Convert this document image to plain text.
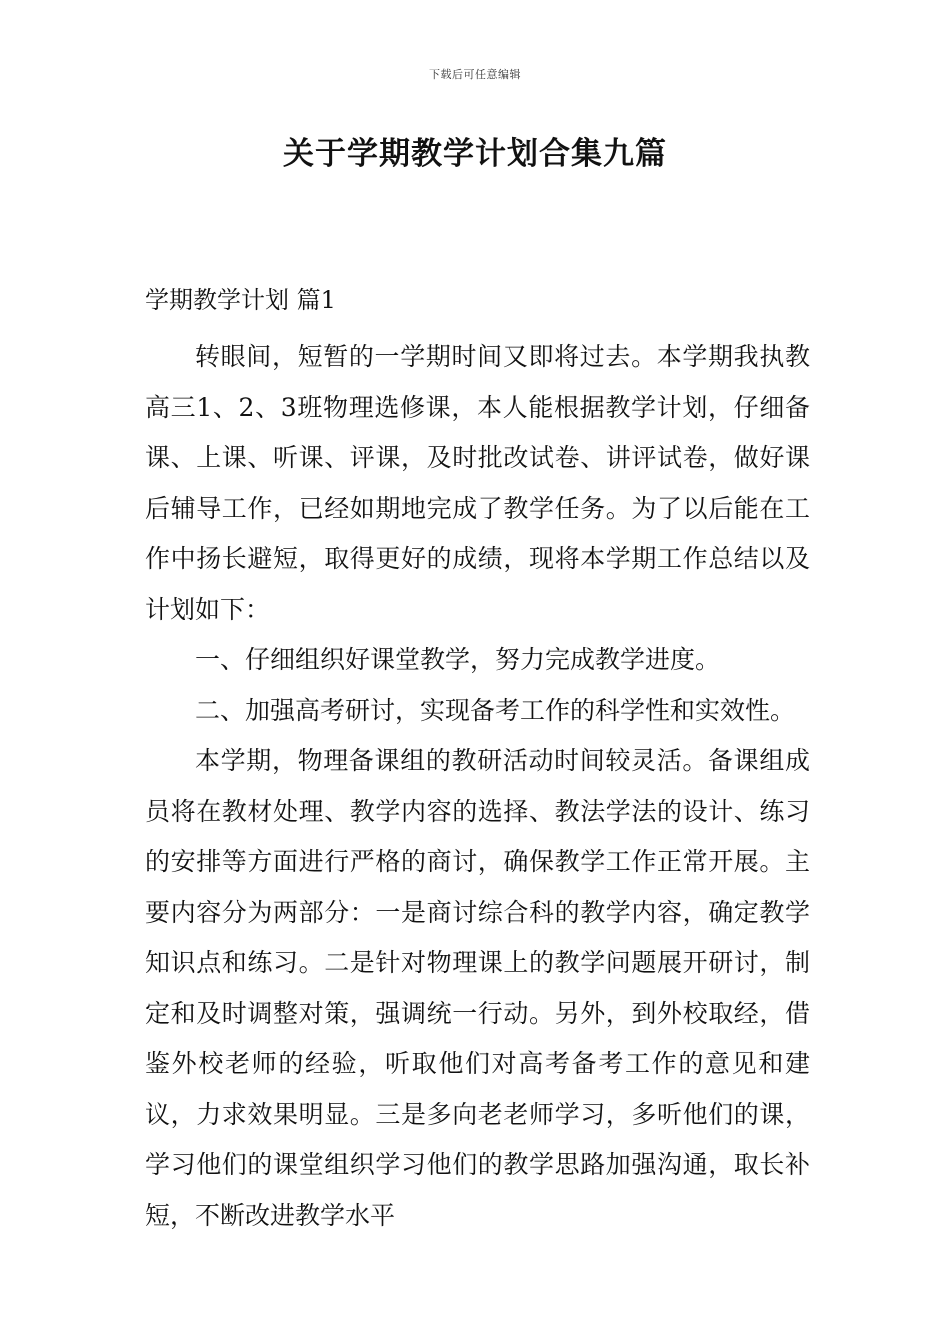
下载后可任意编辑
关于学期教学计划合集九篇
学期教学计划 篇1

转眼间，短暂的一学期时间又即将过去。本学期我执教高三1、2、3班物理选修课，本人能根据教学计划，仔细备课、上课、听课、评课，及时批改试卷、讲评试卷，做好课后辅导工作，已经如期地完成了教学任务。为了以后能在工作中扬长避短，取得更好的成绩，现将本学期工作总结以及计划如下：

一、仔细组织好课堂教学，努力完成教学进度。

二、加强高考研讨，实现备考工作的科学性和实效性。

本学期，物理备课组的教研活动时间较灵活。备课组成员将在教材处理、教学内容的选择、教法学法的设计、练习的安排等方面进行严格的商讨，确保教学工作正常开展。主要内容分为两部分：一是商讨综合科的教学内容，确定教学知识点和练习。二是针对物理课上的教学问题展开研讨，制定和及时调整对策，强调统一行动。另外，到外校取经，借鉴外校老师的经验，听取他们对高考备考工作的意见和建议，力求效果明显。三是多向老老师学习，多听他们的课，学习他们的课堂组织学习他们的教学思路加强沟通，取长补短，不断改进教学水平
